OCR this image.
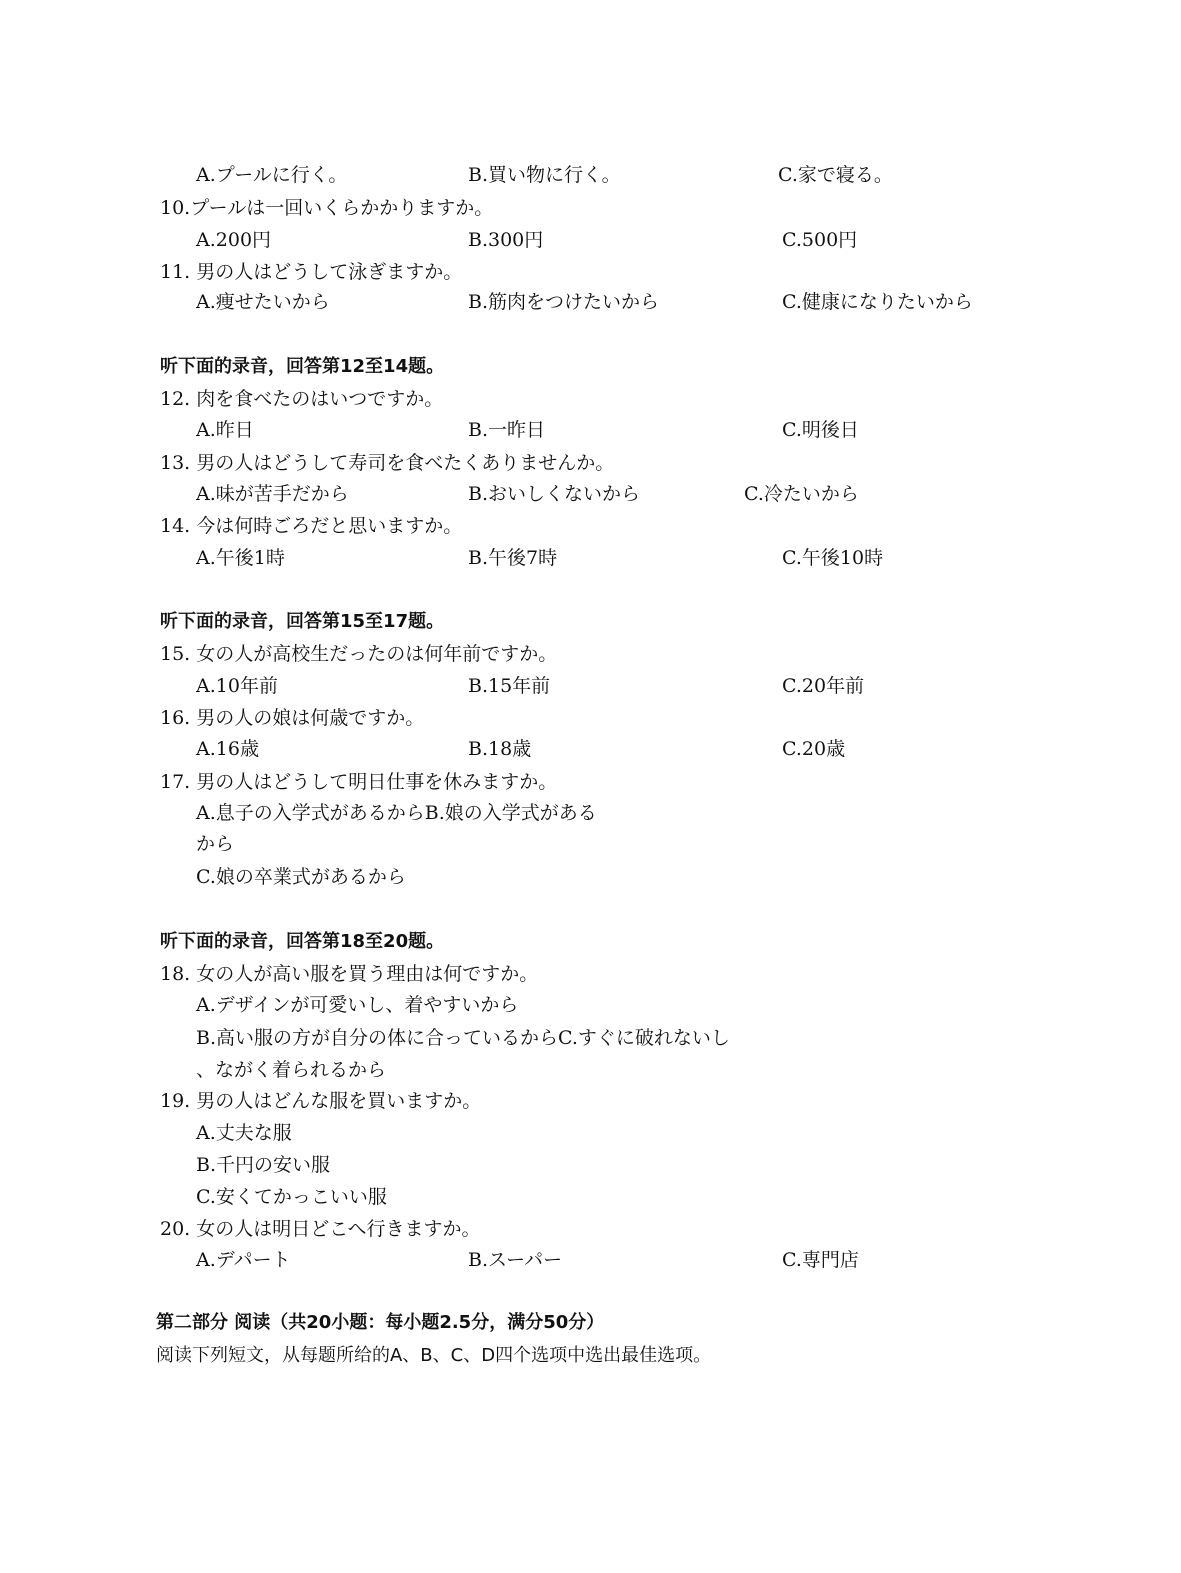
A.プールに行く。	B.買い物に行く。	C.家で寝る。
10.プールは一回いくらかかりますか。
A.200円	B.300円	C.500円
11. 男の人はどうして泳ぎますか。
A.痩せたいから	B.筋肉をつけたいから	C.健康になりたいから
听下面的录音，回答第12至14题。
12. 肉を食べたのはいつですか。
A.昨日	B.一昨日	C.明後日
13. 男の人はどうして寿司を食べたくありませんか。
A.味が苦手だから	B.おいしくないから	C.冷たいから
14. 今は何時ごろだと思いますか。
A.午後1時	B.午後7時	C.午後10時
听下面的录音，回答第15至17题。
15. 女の人が高校生だったのは何年前ですか。
A.10年前	B.15年前	C.20年前
16. 男の人の娘は何歳ですか。
A.16歳	B.18歳	C.20歳
17. 男の人はどうして明日仕事を休みますか。
A.息子の入学式があるからB.娘の入学式がある
から
C.娘の卒業式があるから
听下面的录音，回答第18至20题。
18. 女の人が高い服を買う理由は何ですか。
A.デザインが可愛いし、着やすいから
B.高い服の方が自分の体に合っているからC.すぐに破れないし
、ながく着られるから
19. 男の人はどんな服を買いますか。
A.丈夫な服
B.千円の安い服
C.安くてかっこいい服
20. 女の人は明日どこへ行きますか。
A.デパート	B.スーパー	C.専門店
第二部分 阅读（共20小题：每小题2.5分，满分50分）
阅读下列短文，从每题所给的A、B、C、D四个选项中选出最佳选项。
